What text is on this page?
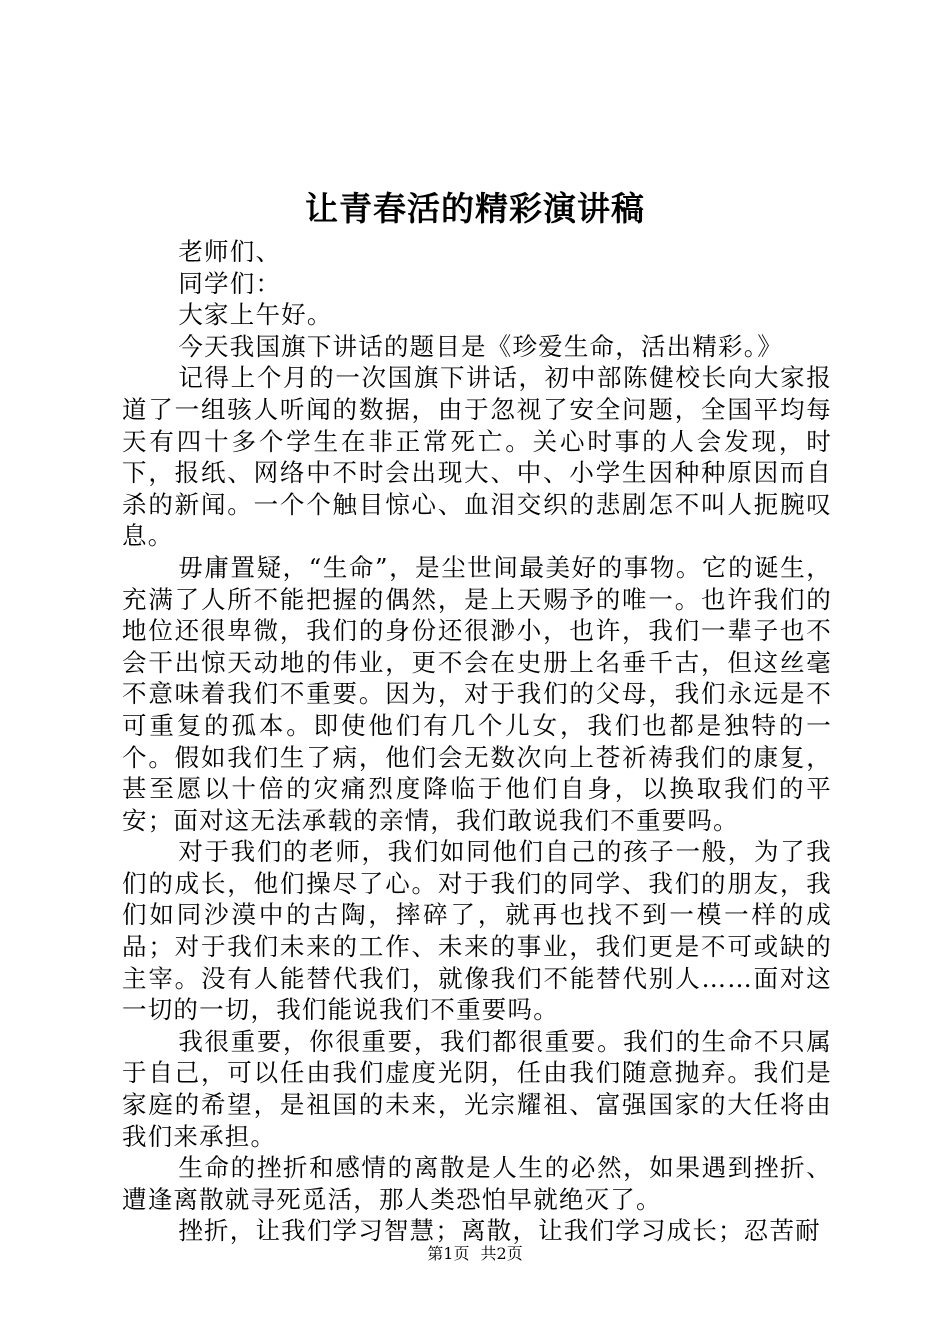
让青春活的精彩演讲稿

老师们、

同学们：

大家上午好。

今天我国旗下讲话的题目是《珍爱生命，活出精彩。》

记得上个月的一次国旗下讲话，初中部陈健校长向大家报道了一组骇人听闻的数据，由于忽视了安全问题，全国平均每天有四十多个学生在非正常死亡。关心时事的人会发现，时下，报纸、网络中不时会出现大、中、小学生因种种原因而自杀的新闻。一个个触目惊心、血泪交织的悲剧怎不叫人扼腕叹息。

毋庸置疑，“生命”，是尘世间最美好的事物。它的诞生，充满了人所不能把握的偶然，是上天赐予的唯一。也许我们的地位还很卑微，我们的身份还很渺小，也许，我们一辈子也不会干出惊天动地的伟业，更不会在史册上名垂千古，但这丝毫不意味着我们不重要。因为，对于我们的父母，我们永远是不可重复的孤本。即使他们有几个儿女，我们也都是独特的一个。假如我们生了病，他们会无数次向上苍祈祷我们的康复，甚至愿以十倍的灾痛烈度降临于他们自身，以换取我们的平安；面对这无法承载的亲情，我们敢说我们不重要吗。

对于我们的老师，我们如同他们自己的孩子一般，为了我们的成长，他们操尽了心。对于我们的同学、我们的朋友，我们如同沙漠中的古陶，摔碎了，就再也找不到一模一样的成品；对于我们未来的工作、未来的事业，我们更是不可或缺的主宰。没有人能替代我们，就像我们不能替代别人……面对这一切的一切，我们能说我们不重要吗。

我很重要，你很重要，我们都很重要。我们的生命不只属于自己，可以任由我们虚度光阴，任由我们随意抛弃。我们是家庭的希望，是祖国的未来，光宗耀祖、富强国家的大任将由我们来承担。

生命的挫折和感情的离散是人生的必然，如果遇到挫折、遭逢离散就寻死觅活，那人类恐怕早就绝灭了。

挫折，让我们学习智慧；离散，让我们学习成长；忍苦耐

第1页 共2页
